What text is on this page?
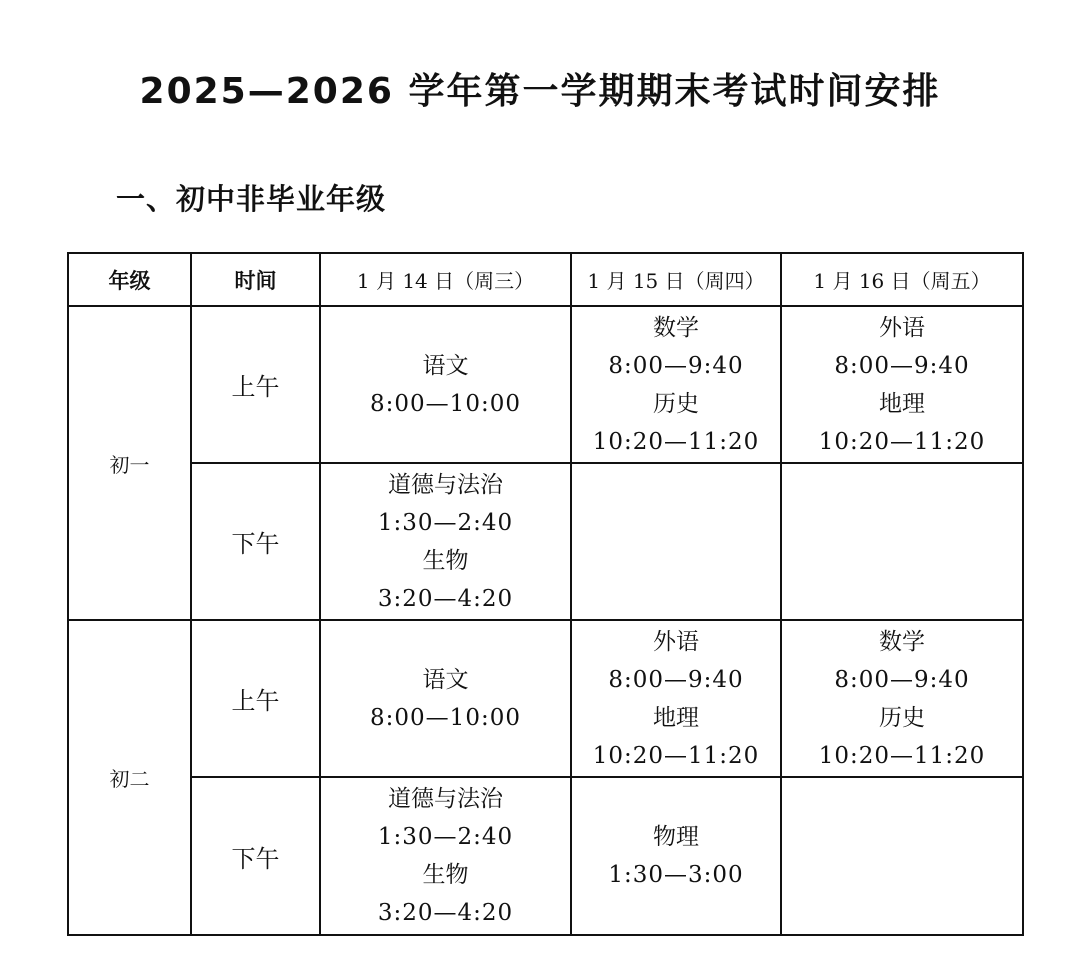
2025—2026 学年第一学期期末考试时间安排
一、初中非毕业年级
年级	时间	1 月 14 日（周三）	1 月 15 日（周四）	1 月 16 日（周五）
初一	上午	语文
8:00—10:00	数学
8:00—9:40
历史
10:20—11:20	外语
8:00—9:40
地理
10:20—11:20

	下午	道德与法治
1:30—2:40
生物
3:20—4:20		

初二	上午	语文
8:00—10:00	外语
8:00—9:40
地理
10:20—11:20	数学
8:00—9:40
历史
10:20—11:20

	下午	道德与法治
1:30—2:40
生物
3:20—4:20	物理
1:30—3:00	
